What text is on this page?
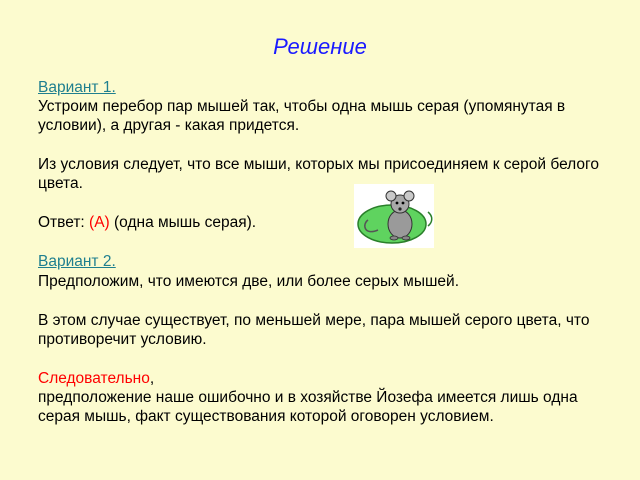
Решение
Вариант 1.
Устроим перебор пар мышей так, чтобы одна мышь серая (упомянутая в условии), а другая - какая придется.
Из условия следует, что все мыши, которых мы присоединяем к серой белого цвета.
Ответ: (А) (одна мышь серая).
Вариант 2.
Предположим, что имеются две, или более серых мышей.
В этом случае существует, по меньшей мере, пара мышей серого цвета, что противоречит условию.
Следовательно,
предположение наше ошибочно и в хозяйстве Йозефа имеется лишь одна серая мышь, факт существования которой оговорен условием.
